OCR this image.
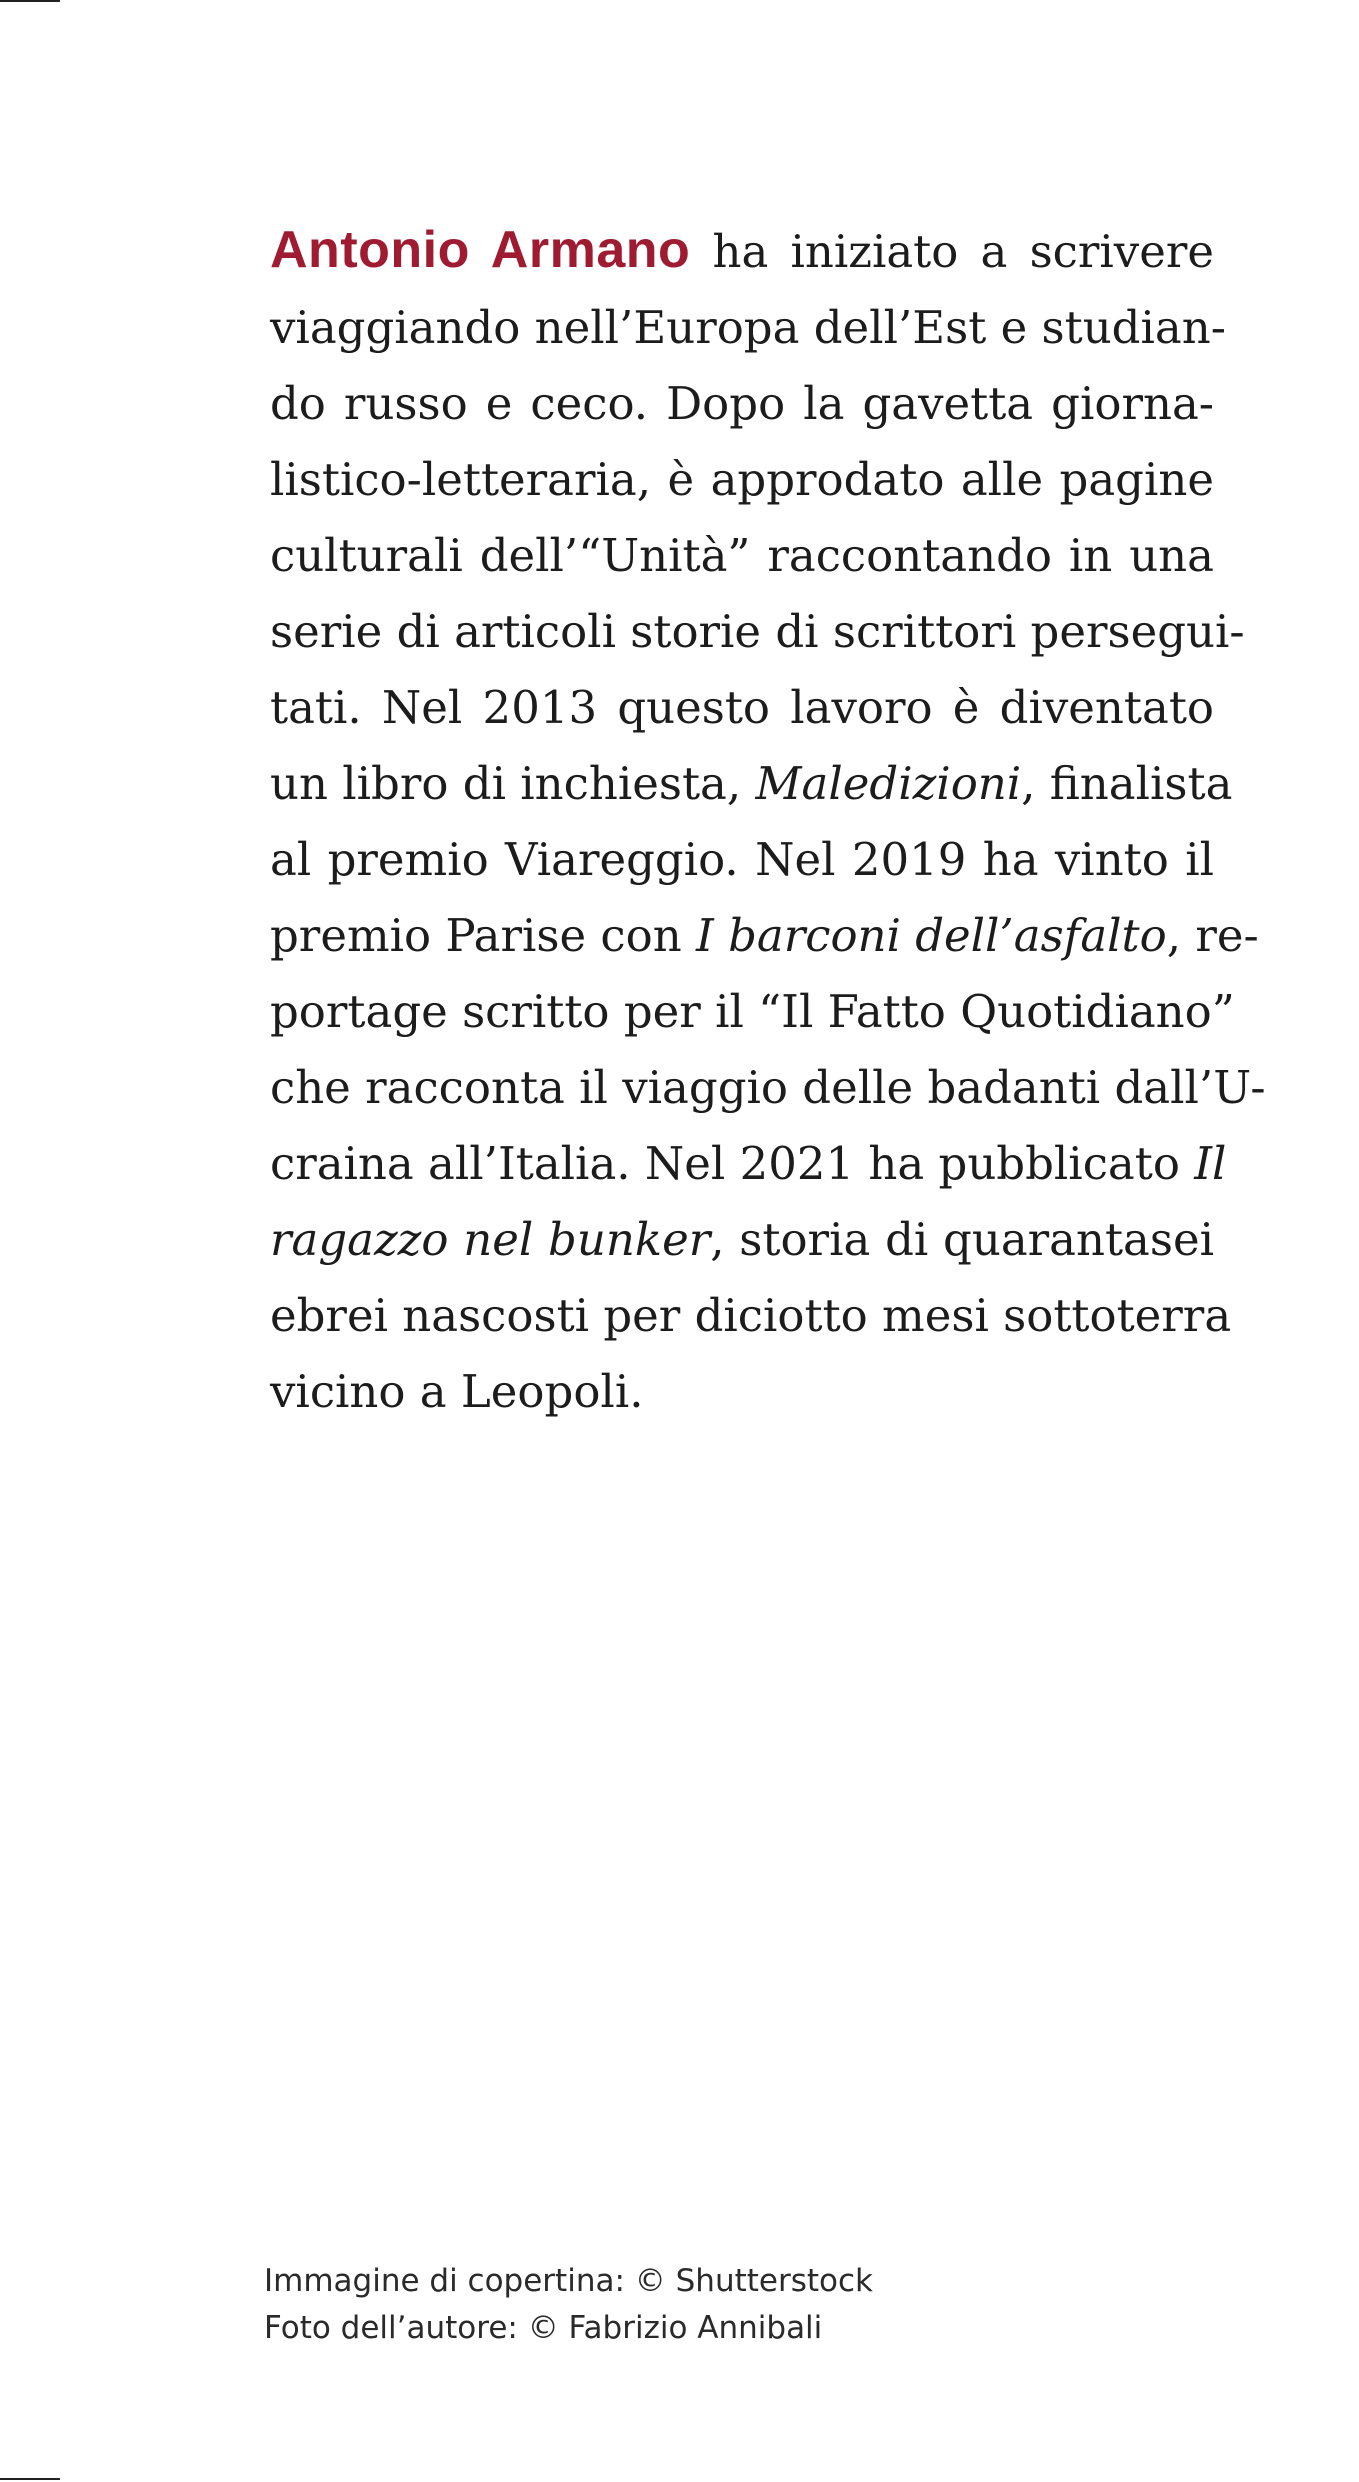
Antonio Armano ha iniziato a scrivere
viaggiando nell’Europa dell’Est e studian-
do russo e ceco. Dopo la gavetta giorna-
listico-letteraria, è approdato alle pagine
culturali dell’“Unità” raccontando in una
serie di articoli storie di scrittori persegui-
tati. Nel 2013 questo lavoro è diventato
un libro di inchiesta, Maledizioni, finalista
al premio Viareggio. Nel 2019 ha vinto il
premio Parise con I barconi dell’asfalto, re-
portage scritto per il “Il Fatto Quotidiano”
che racconta il viaggio delle badanti dall’U-
craina all’Italia. Nel 2021 ha pubblicato Il
ragazzo nel bunker, storia di quarantasei
ebrei nascosti per diciotto mesi sottoterra
vicino a Leopoli.

Immagine di copertina: © Shutterstock
Foto dell’autore: © Fabrizio Annibali
